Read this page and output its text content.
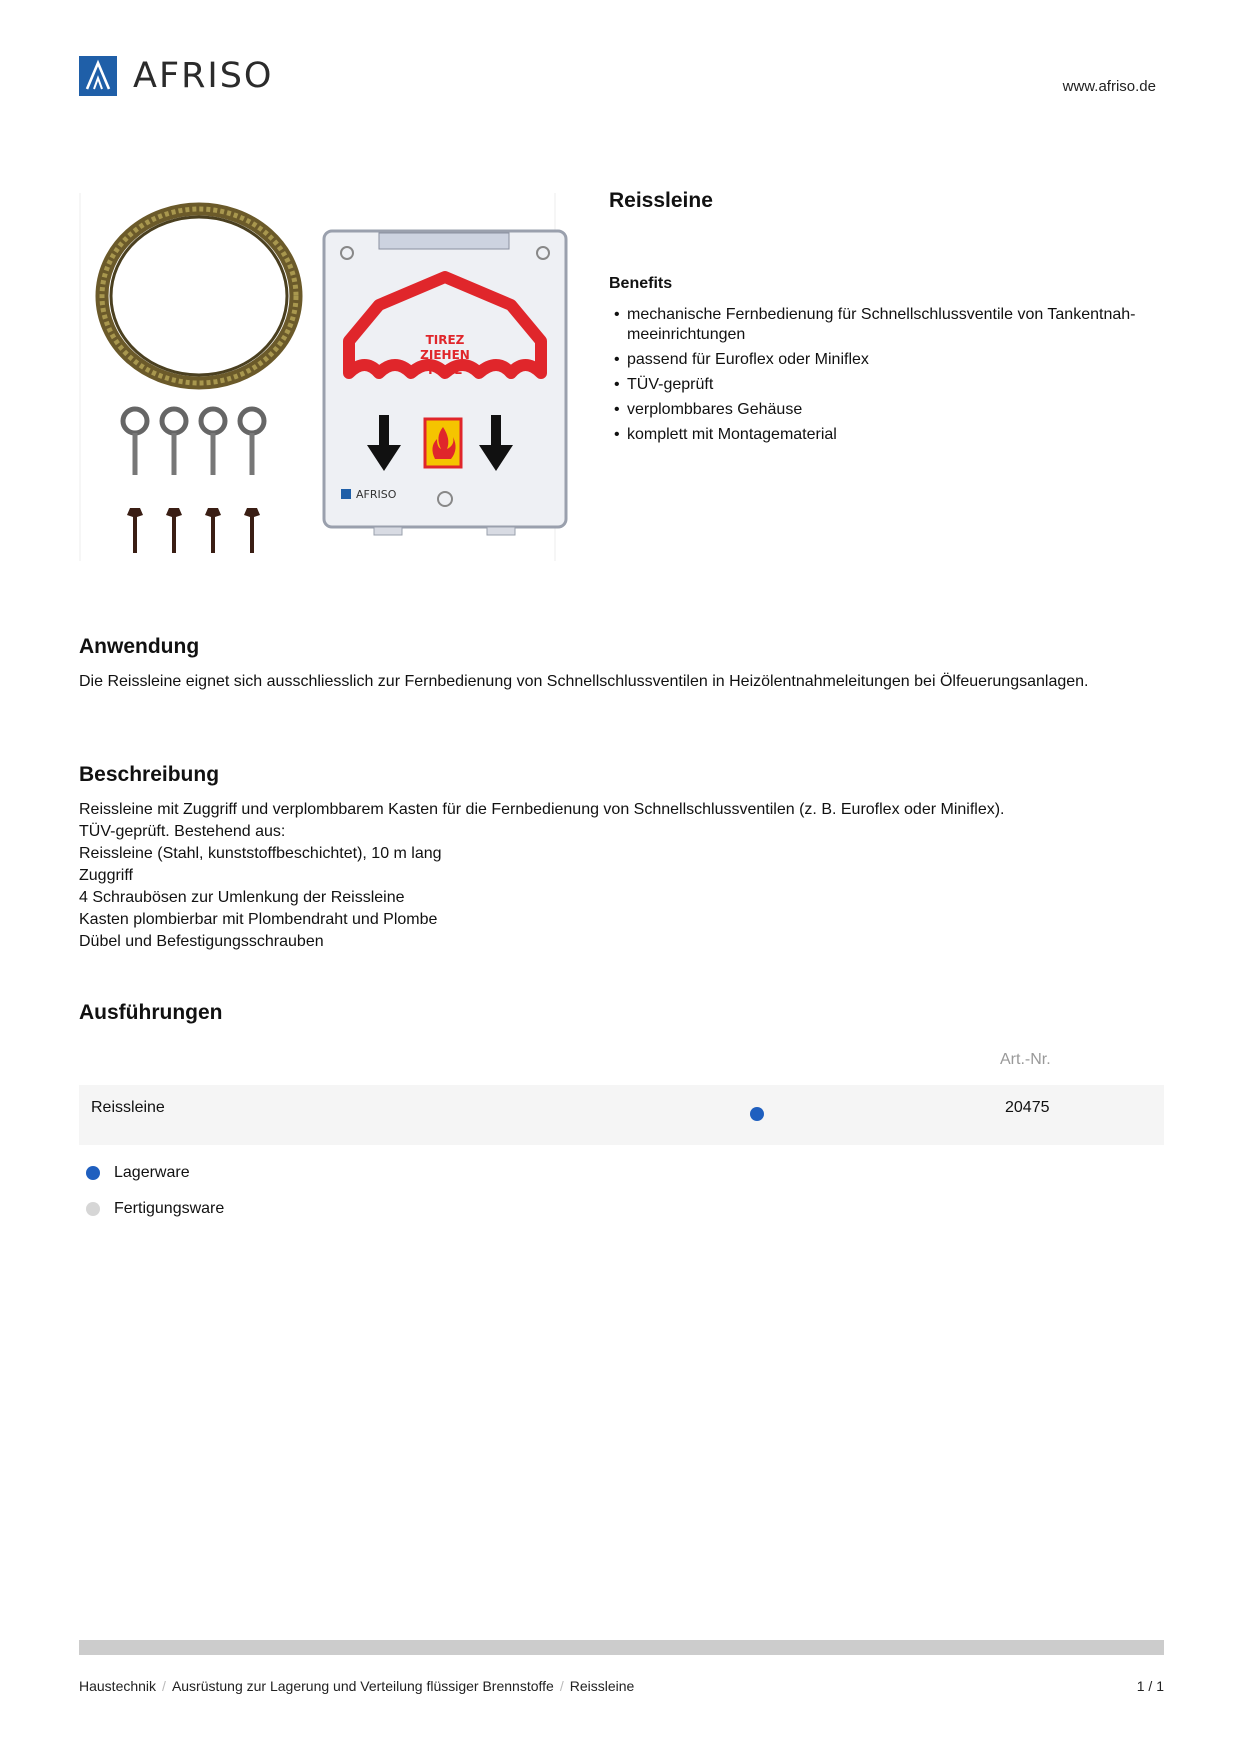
AFRISO	www.afriso.de
TIREZ
ZIEHEN
PULL
AFRISO
Reissleine
Benefits
• mechanische Fernbedienung für Schnellschlussventile von Tankentnah-
meeinrichtungen
• passend für Euroflex oder Miniflex
• TÜV-geprüft
• verplombbares Gehäuse
• komplett mit Montagematerial
Anwendung
Die Reissleine eignet sich ausschliesslich zur Fernbedienung von Schnellschlussventilen in Heizölentnahmeleitungen bei Ölfeuerungsanlagen.
Beschreibung
Reissleine mit Zuggriff und verplombbarem Kasten für die Fernbedienung von Schnellschlussventilen (z. B. Euroflex oder Miniflex).
TÜV-geprüft. Bestehend aus:
Reissleine (Stahl, kunststoffbeschichtet), 10 m lang
Zuggriff
4 Schraubösen zur Umlenkung der Reissleine
Kasten plombierbar mit Plombendraht und Plombe
Dübel und Befestigungsschrauben
Ausführungen
Art.-Nr.
Reissleine	20475
Lagerware
Fertigungsware
Haustechnik / Ausrüstung zur Lagerung und Verteilung flüssiger Brennstoffe / Reissleine	1 / 1
